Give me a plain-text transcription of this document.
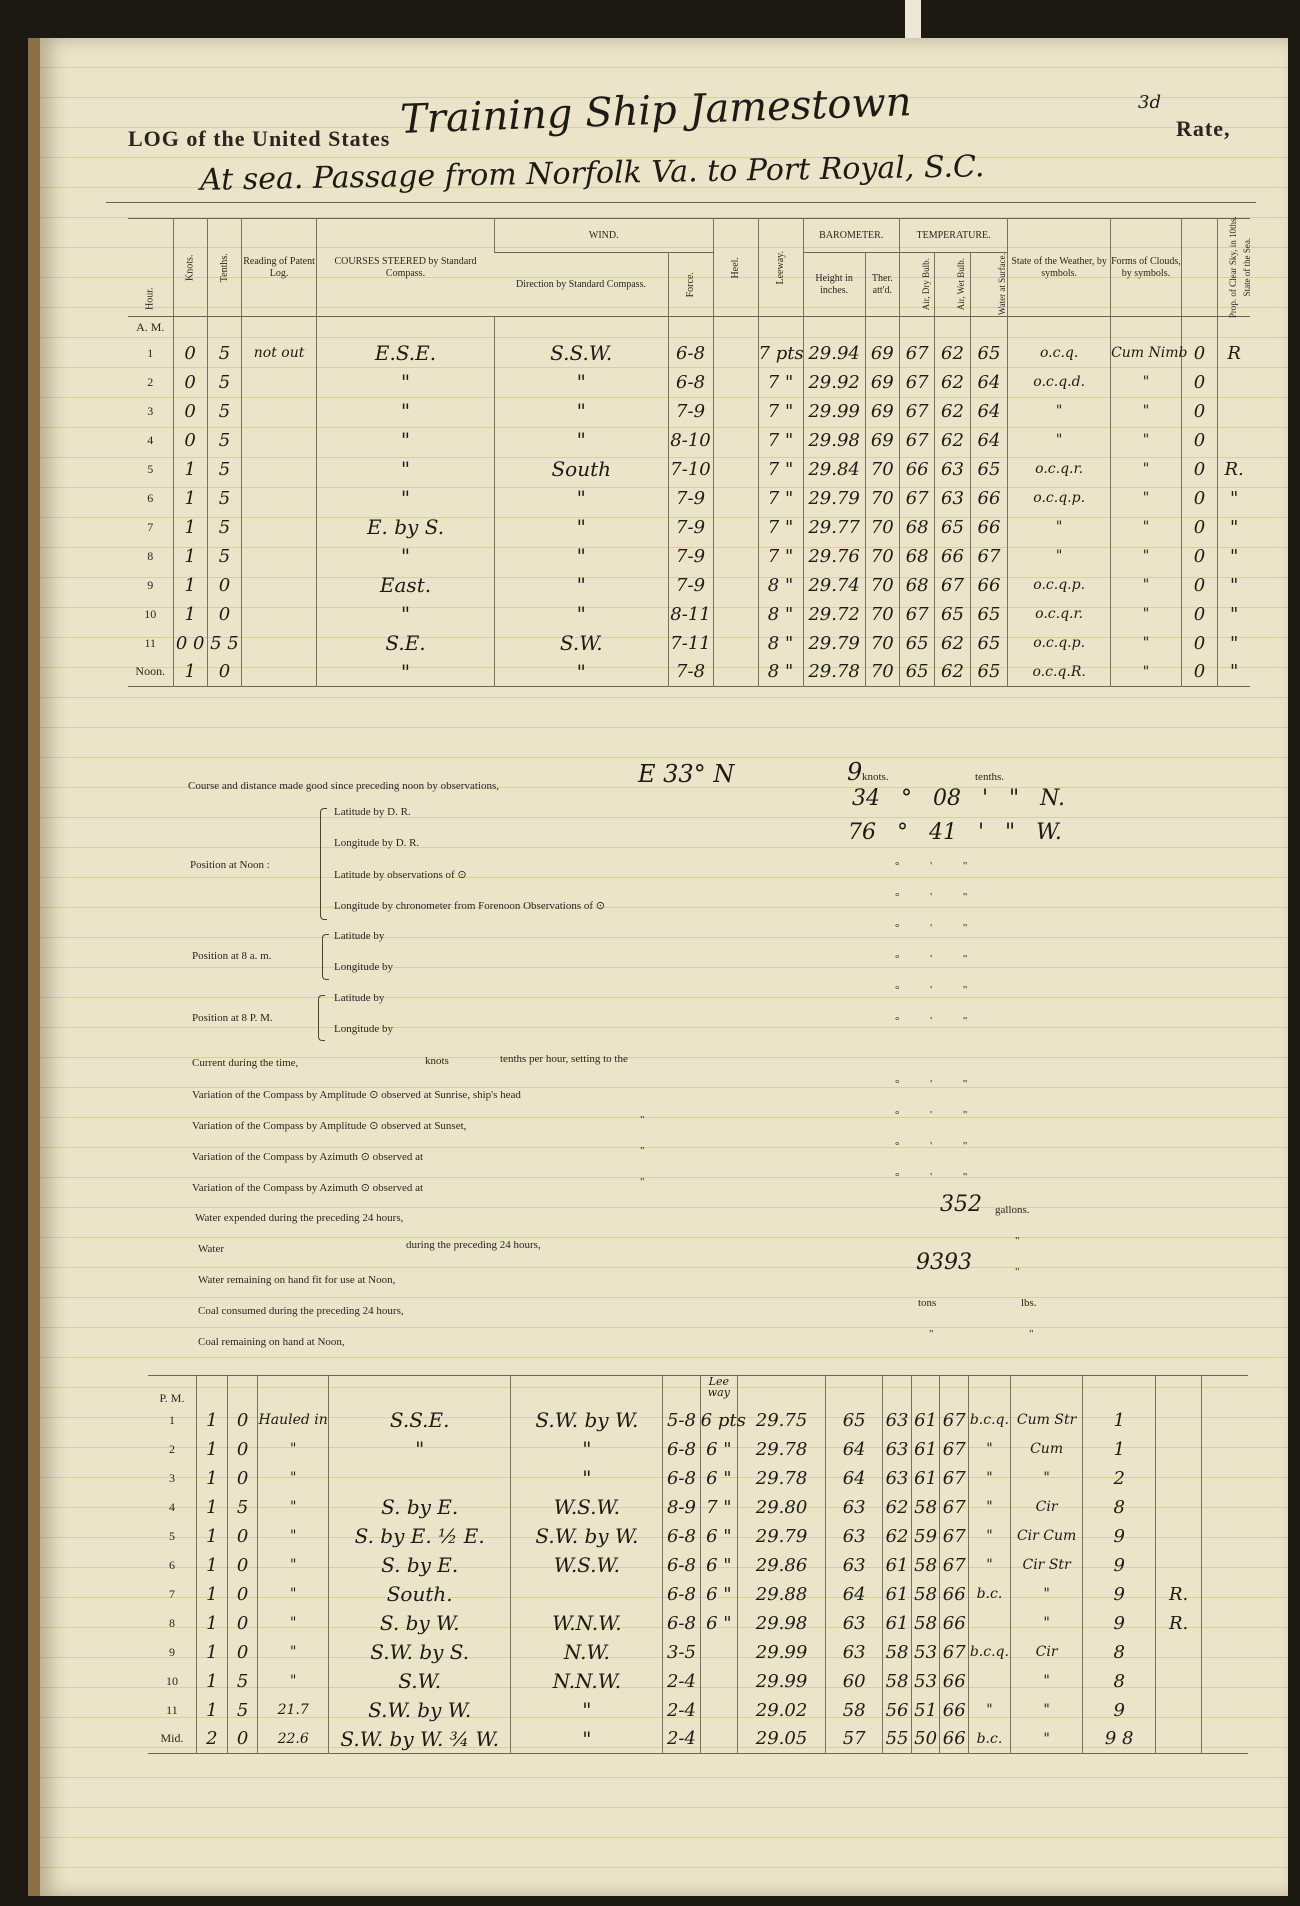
LOG of the United States Training Ship Jamestown	3d
Rate,
At sea. Passage from Norfolk Va. to Port Royal, S.C.
Hour.	Knots.	Tenths.	Reading of Patent Log.	COURSES STEERED by Standard Compass.	WIND.		Heel.	Leeway.	BAROMETER.		TEMPERATURE.			State of the Weather, by symbols.	Forms of Clouds, by symbols.	Prop. of Clear Sky, in 10ths.	State of the Sea.
					Direction by Standard Compass.	Force.			Height in inches.	Ther. att'd.	Air, Dry Bulb.	Air, Wet Bulb.	Water at Surface.				
A. M.																	
1	0	5	not out	E.S.E.	S.S.W.	6-8		7 pts	29.94	69	67	62	65	o.c.q.	Cum Nimb	0	R
2	0	5		"	"	6-8		7 "	29.92	69	67	62	64	o.c.q.d.	"	0	
3	0	5		"	"	7-9		7 "	29.99	69	67	62	64	"	"	0	
4	0	5		"	"	8-10		7 "	29.98	69	67	62	64	"	"	0	
5	1	5		"	South	7-10		7 "	29.84	70	66	63	65	o.c.q.r.	"	0	R.
6	1	5		"	"	7-9		7 "	29.79	70	67	63	66	o.c.q.p.	"	0	"
7	1	5		E. by S.	"	7-9		7 "	29.77	70	68	65	66	"	"	0	"
8	1	5		"	"	7-9		7 "	29.76	70	68	66	67	"	"	0	"
9	1	0		East.	"	7-9		8 "	29.74	70	68	67	66	o.c.q.p.	"	0	"
10	1	0		"	"	8-11		8 "	29.72	70	67	65	65	o.c.q.r.	"	0	"
11	0 0	5 5		S.E.	S.W.	7-11		8 "	29.79	70	65	62	65	o.c.q.p.	"	0	"
Noon.	1	0		"	"	7-8		8 "	29.78	70	65	62	65	o.c.q.R.	"	0	"
Course and distance made good since preceding noon by observations,	E 33° N	9 knots.	tenths.
Position at Noon :
Latitude by D. R.
Longitude by D. R.
Latitude by observations of ⊙
Longitude by chronometer from Forenoon Observations of ⊙
34 ° 08 ' " N.
76 ° 41 ' " W.
° ' "
° ' "
Position at 8 a. m.
Latitude by
Longitude by
° ' "
° ' "
Position at 8 P. M.
Latitude by
Longitude by
° ' "
° ' "
Current during the time,	knots	tenths per hour, setting to the
Variation of the Compass by Amplitude ⊙ observed at Sunrise, ship's head
° ' "
Variation of the Compass by Amplitude ⊙ observed at Sunset,	"	° ' "
Variation of the Compass by Azimuth ⊙ observed at	"	° ' "
Variation of the Compass by Azimuth ⊙ observed at	"	° ' "
Water expended during the preceding 24 hours,
352 gallons.
Water	during the preceding 24 hours,	"
Water remaining on hand fit for use at Noon,
9393	"
Coal consumed during the preceding 24 hours,
tons	lbs.
Coal remaining on hand at Noon,
"	"
P. M.							Lee way										
1	1	0	Hauled in	S.S.E.	S.W. by W.	5-8	6 pts	29.75	65	63	61	67	b.c.q.	Cum Str	1		
2	1	0	"	"	"	6-8	6 "	29.78	64	63	61	67	"	Cum	1		
3	1	0	"		"	6-8	6 "	29.78	64	63	61	67	"	"	2		
4	1	5	"	S. by E.	W.S.W.	8-9	7 "	29.80	63	62	58	67	"	Cir	8		
5	1	0	"	S. by E. ½ E.	S.W. by W.	6-8	6 "	29.79	63	62	59	67	"	Cir Cum	9		
6	1	0	"	S. by E.	W.S.W.	6-8	6 "	29.86	63	61	58	67	"	Cir Str	9		
7	1	0	"	South.		6-8	6 "	29.88	64	61	58	66	b.c.	"	9	R.	
8	1	0	"	S. by W.	W.N.W.	6-8	6 "	29.98	63	61	58	66		"	9	R.	
9	1	0	"	S.W. by S.	N.W.	3-5		29.99	63	58	53	67	b.c.q.	Cir	8		
10	1	5	"	S.W.	N.N.W.	2-4		29.99	60	58	53	66		"	8		
11	1	5	21.7	S.W. by W.	"	2-4		29.02	58	56	51	66	"	"	9		
Mid.	2	0	22.6	S.W. by W. ¾ W.	"	2-4		29.05	57	55	50	66	b.c.	"	9 8		
